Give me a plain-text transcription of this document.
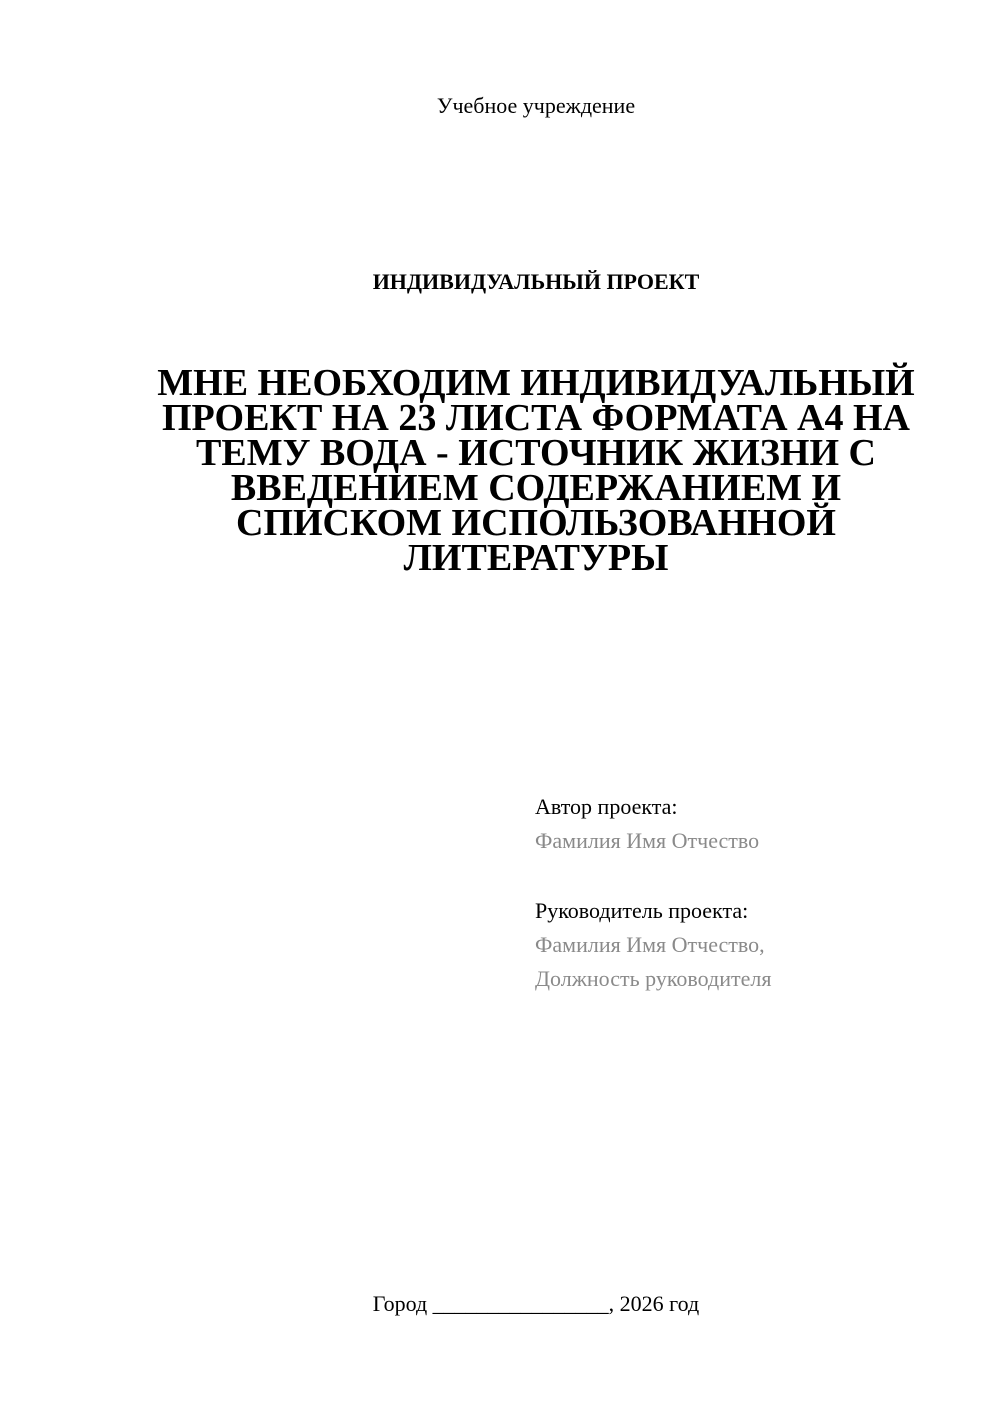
Учебное учреждение
ИНДИВИДУАЛЬНЫЙ ПРОЕКТ
МНЕ НЕОБХОДИМ ИНДИВИДУАЛЬНЫЙ ПРОЕКТ НА 23 ЛИСТА ФОРМАТА А4 НА ТЕМУ ВОДА - ИСТОЧНИК ЖИЗНИ С ВВЕДЕНИЕМ СОДЕРЖАНИЕМ И СПИСКОМ ИСПОЛЬЗОВАННОЙ ЛИТЕРАТУРЫ
Автор проекта:
Фамилия Имя Отчество
Руководитель проекта:
Фамилия Имя Отчество,
Должность руководителя
Город ________________, 2026 год
